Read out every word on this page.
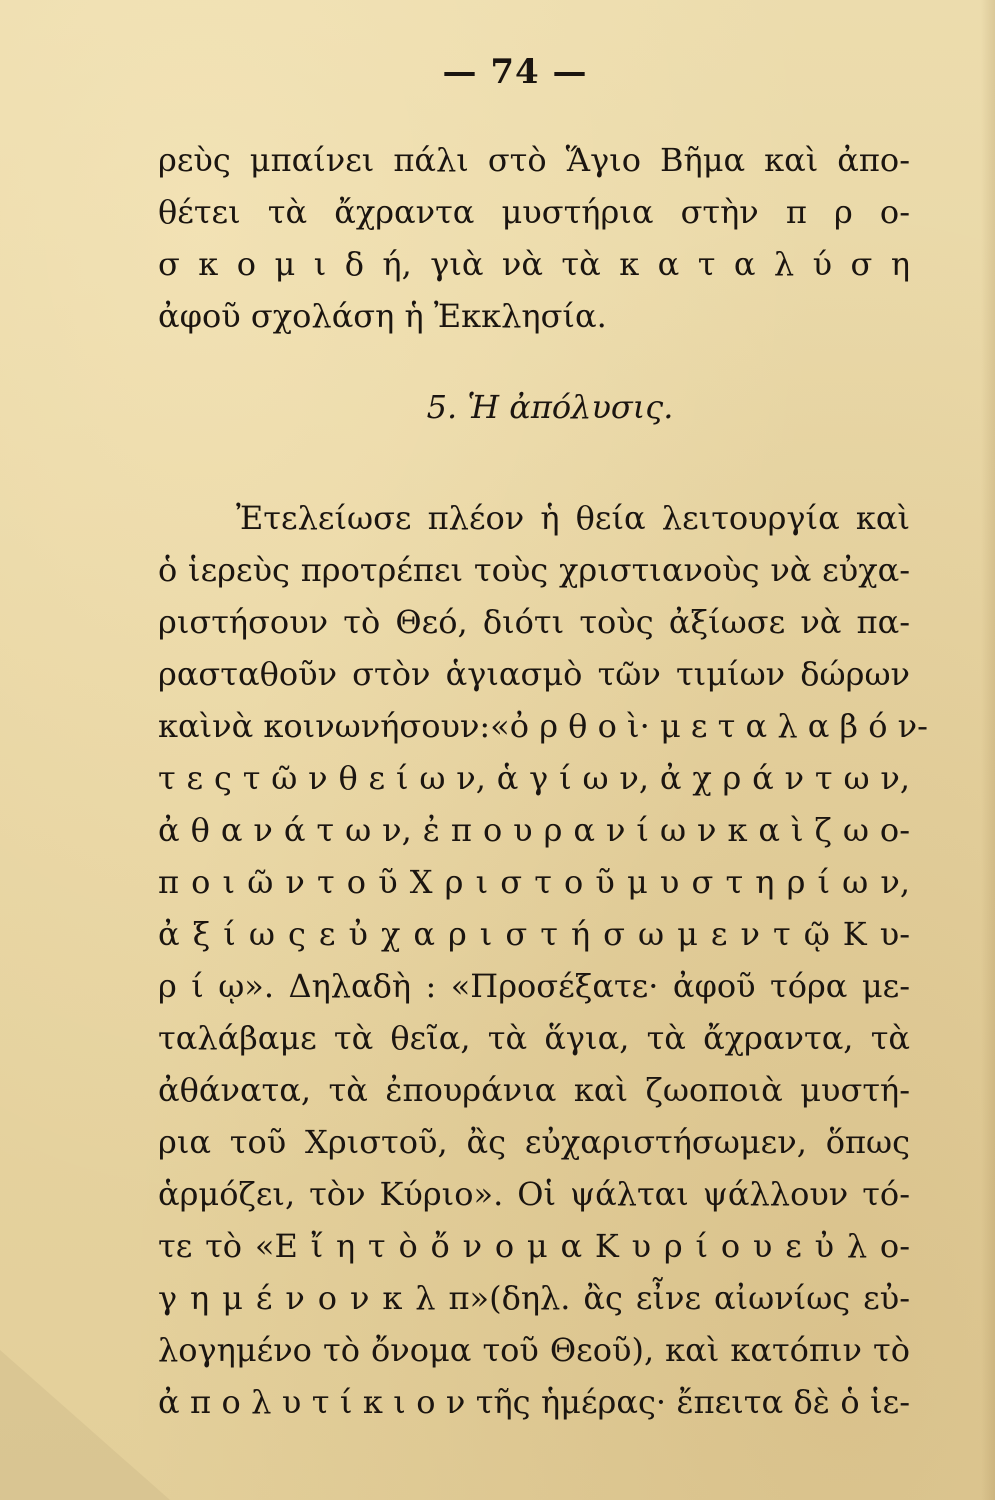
— 74 —
ρεὺς μπαίνει πάλι στὸ Ἅγιο Βῆμα καὶ ἀπο-
θέτει τὰ ἄχραντα μυστήρια στὴν π ρ ο-
σ κ ο μ ι δ ή, γιὰ νὰ τὰ κ α τ α λ ύ σ η
ἀφοῦ σχολάση ἡ Ἐκκλησία.
5. Ἡ ἀπόλυσις.
Ἐτελείωσε πλέον ἡ θεία λειτουργία καὶ
ὁ ἱερεὺς προτρέπει τοὺς χριστιανοὺς νὰ εὐχα-
ριστήσουν τὸ Θεό, διότι τοὺς ἀξίωσε νὰ πα-
ρασταθοῦν στὸν ἁγιασμὸ τῶν τιμίων δώρων
καὶνὰ κοινωνήσουν:«ὀ ρ θ ο ὶ· μ ε τ α λ α β ό ν-
τ ε ς τ ῶ ν θ ε ί ω ν, ἁ γ ί ω ν, ἀ χ ρ ά ν τ ω ν,
ἀ θ α ν ά τ ω ν, ἐ π ο υ ρ α ν ί ω ν κ α ὶ ζ ω ο-
π ο ι ῶ ν τ ο ῦ Χ ρ ι σ τ ο ῦ μ υ σ τ η ρ ί ω ν,
ἀ ξ ί ω ς ε ὐ χ α ρ ι σ τ ή σ ω μ ε ν τ ῷ Κ υ-
ρ ί ῳ». Δηλαδὴ : «Προσέξατε· ἀφοῦ τόρα με-
ταλάβαμε τὰ θεῖα, τὰ ἅγια, τὰ ἄχραντα, τὰ
ἀθάνατα, τὰ ἐπουράνια καὶ ζωοποιὰ μυστή-
ρια τοῦ Χριστοῦ, ἂς εὐχαριστήσωμεν, ὅπως
ἁρμόζει, τὸν Κύριο». Οἱ ψάλται ψάλλουν τό-
τε τὸ «Ε ἴ η τ ὸ ὄ ν ο μ α Κ υ ρ ί ο υ ε ὐ λ ο-
γ η μ έ ν ο ν κ λ π»(δηλ. ἂς εἶνε αἰωνίως εὐ-
λογημένο τὸ ὄνομα τοῦ Θεοῦ), καὶ κατόπιν τὸ
ἀ π ο λ υ τ ί κ ι ο ν τῆς ἡμέρας· ἔπειτα δὲ ὁ ἱε-
